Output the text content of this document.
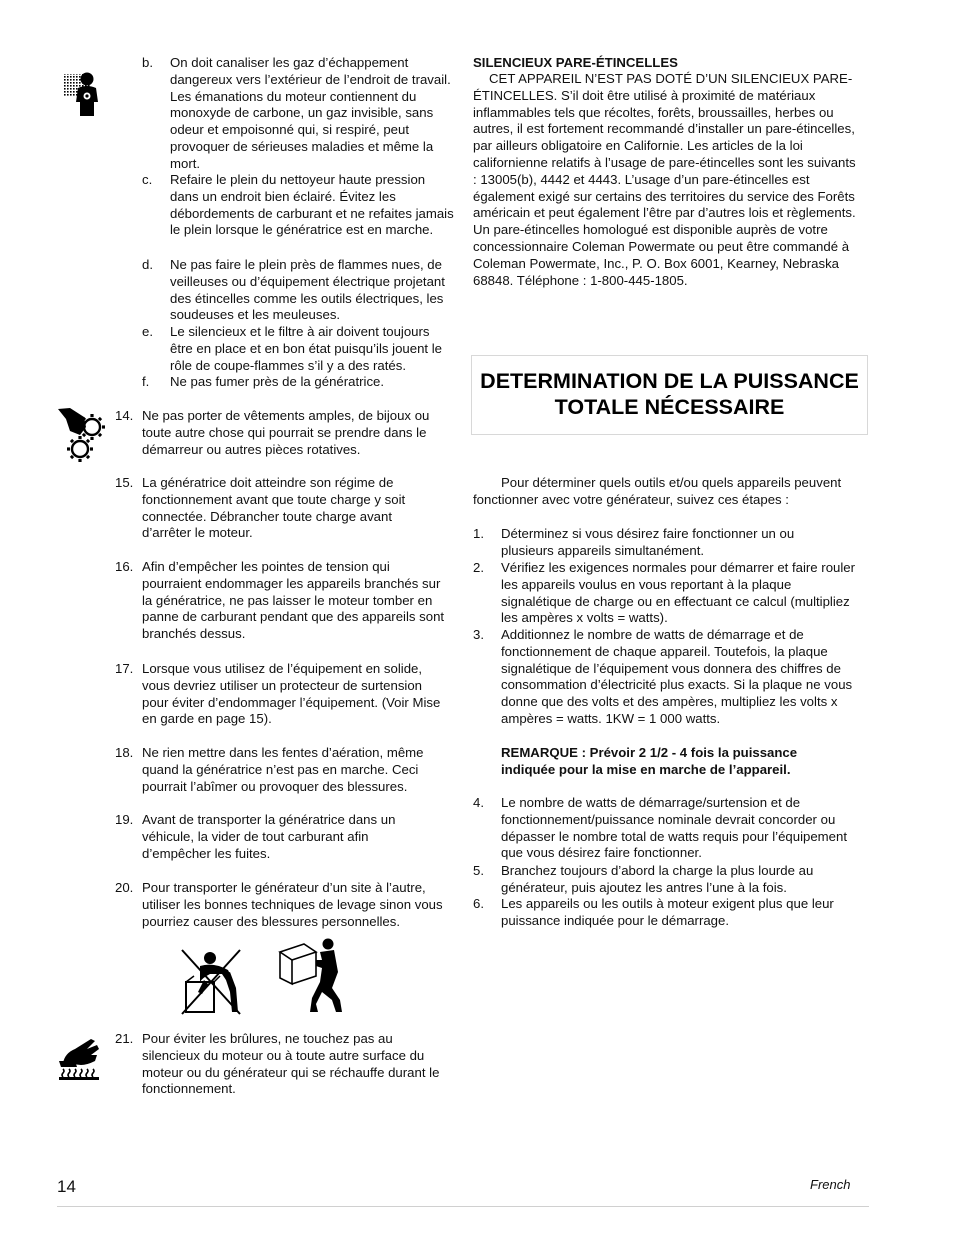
b.	On doit canaliser les gaz d’échappement dangereux vers l’extérieur de l’endroit de travail. Les émanations du moteur contiennent du monoxyde de carbone, un gaz invisible, sans odeur et empoisonné qui, si respiré, peut provoquer de sérieuses maladies et même la mort.
c.	Refaire le plein du nettoyeur haute pression dans un endroit bien éclairé. Évitez les débordements de carburant et ne refaites jamais le plein lorsque le génératrice est en marche.
d.	Ne pas faire le plein près de flammes nues, de veilleuses ou d’équipement électrique projetant des étincelles comme les outils électriques, les soudeuses et les meuleuses.
e.	Le silencieux et le filtre à air doivent toujours être en place et en bon état puisqu’ils jouent le rôle de coupe-flammes s’il y a des ratés.
f.	Ne pas fumer près de la génératrice.
14. Ne pas porter de vêtements amples, de bijoux ou toute autre chose qui pourrait se prendre dans le démarreur ou autres pièces rotatives.
15. La génératrice doit atteindre son régime de fonctionnement avant que toute charge y soit connectée. Débrancher toute charge avant d’arrêter le moteur.
16. Afin d’empêcher les pointes de tension qui pourraient endommager les appareils branchés sur la génératrice, ne pas laisser le moteur tomber en panne de carburant pendant que des appareils sont branchés dessus.
17. Lorsque vous utilisez de l’équipement en solide, vous devriez utiliser un protecteur de surtension pour éviter d’endommager l’équipement. (Voir Mise en garde en page 15).
18. Ne rien mettre dans les fentes d’aération, même quand la génératrice n’est pas en marche. Ceci pourrait l’abîmer ou provoquer des blessures.
19. Avant de transporter la génératrice dans un véhicule, la vider de tout carburant afin d’empêcher les fuites.
20. Pour transporter le générateur d’un site à l’autre, utiliser les bonnes techniques de levage sinon vous pourriez causer des blessures personnelles.
21. Pour éviter les brûlures, ne touchez pas au silencieux du moteur ou à toute autre surface du moteur ou du générateur qui se réchauffe durant le fonctionnement.
SILENCIEUX PARE-ÉTINCELLES
CET APPAREIL N’EST PAS DOTÉ D’UN SILENCIEUX PARE-ÉTINCELLES. S’il doit être utilisé à proximité de matériaux inflammables tels que récoltes, forêts, broussailles, herbes ou autres, il est fortement recommandé d’installer un pare-étincelles, par ailleurs obligatoire en Californie. Les articles de la loi californienne relatifs à l’usage de pare-étincelles sont les suivants : 13005(b), 4442 et 4443. L’usage d’un pare-étincelles est également exigé sur certains des territoires du service des Forêts américain et peut également l’être par d’autres lois et règlements. Un pare-étincelles homologué est disponible auprès de votre concessionnaire Coleman Powermate ou peut être commandé à Coleman Powermate, Inc., P. O. Box 6001, Kearney, Nebraska 68848. Téléphone : 1-800-445-1805.
DETERMINATION DE LA PUISSANCE
TOTALE NÉCESSAIRE
Pour déterminer quels outils et/ou quels appareils peuvent fonctionner avec votre générateur, suivez ces étapes :
1. Déterminez si vous désirez faire fonctionner un ou plusieurs appareils simultanément.
2. Vérifiez les exigences normales pour démarrer et faire rouler les appareils voulus en vous reportant à la plaque signalétique de charge ou en effectuant ce calcul (multipliez les ampères x volts = watts).
3. Additionnez le nombre de watts de démarrage et de fonctionnement de chaque appareil. Toutefois, la plaque signalétique de l’équipement vous donnera des chiffres de consommation d’électricité plus exacts. Si la plaque ne vous donne que des volts et des ampères, multipliez les volts x ampères = watts. 1KW = 1 000 watts.
REMARQUE : Prévoir 2 1/2 - 4 fois la puissance indiquée pour la mise en marche de l’appareil.
4. Le nombre de watts de démarrage/surtension et de fonctionnement/puissance nominale devrait concorder ou dépasser le nombre total de watts requis pour l’équipement que vous désirez faire fonctionner.
5. Branchez toujours d’abord la charge la plus lourde au générateur, puis ajoutez les antres l’une à la fois.
6. Les appareils ou les outils à moteur exigent plus que leur puissance indiquée pour le démarrage.
14	French
